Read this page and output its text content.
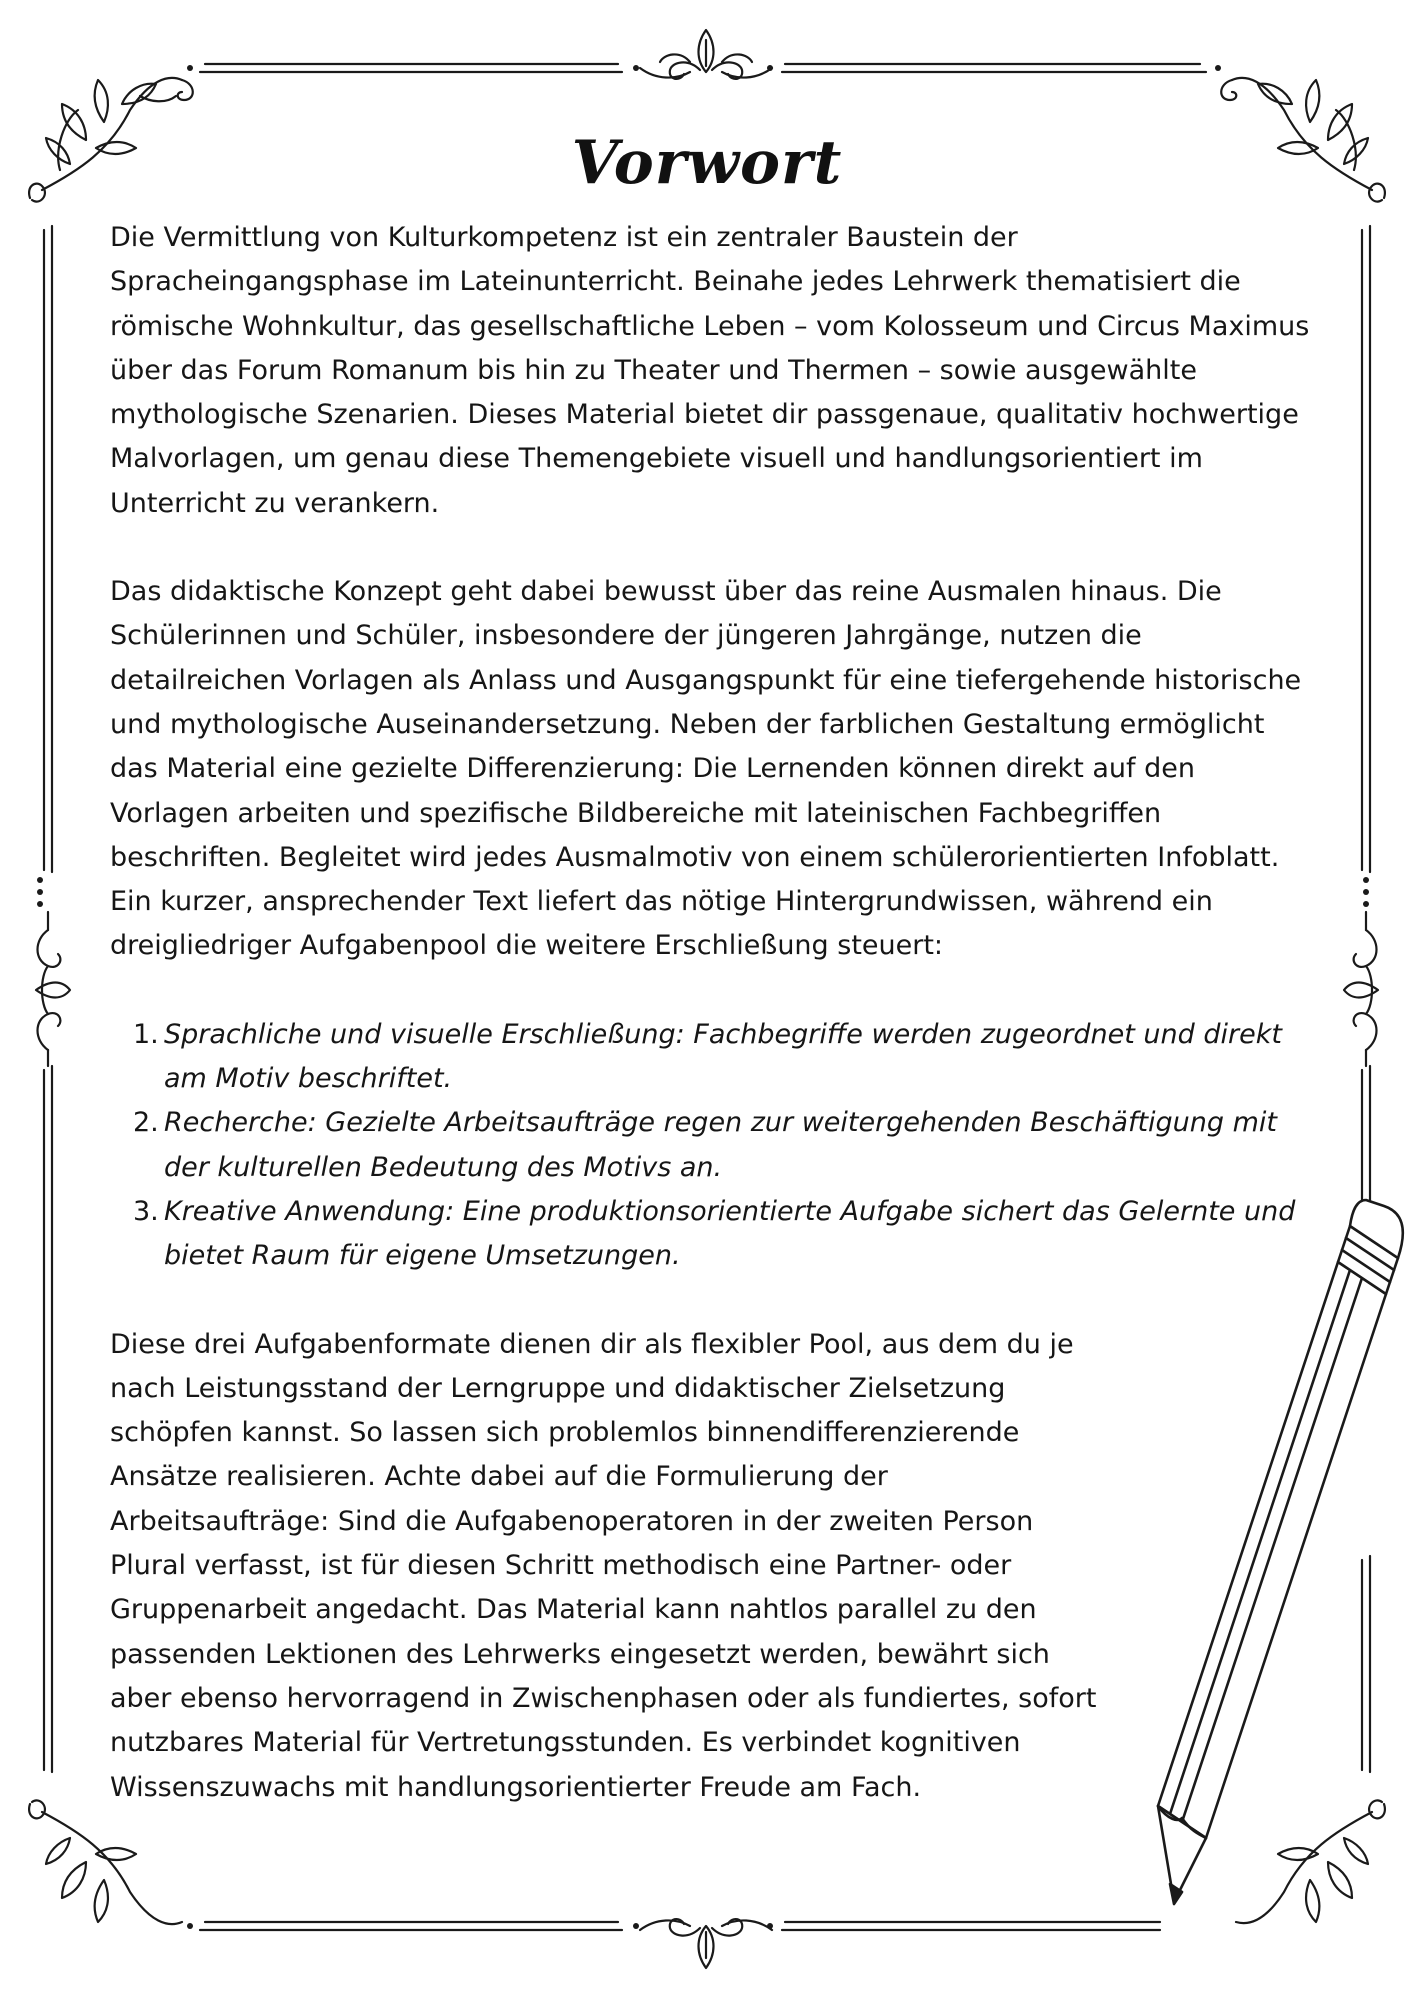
Vorwort

Die Vermittlung von Kulturkompetenz ist ein zentraler Baustein der Spracheingangsphase im Lateinunterricht. Beinahe jedes Lehrwerk thematisiert die römische Wohnkultur, das gesellschaftliche Leben – vom Kolosseum und Circus Maximus über das Forum Romanum bis hin zu Theater und Thermen – sowie ausgewählte mythologische Szenarien. Dieses Material bietet dir passgenaue, qualitativ hochwertige Malvorlagen, um genau diese Themengebiete visuell und handlungsorientiert im Unterricht zu verankern.

Das didaktische Konzept geht dabei bewusst über das reine Ausmalen hinaus. Die Schülerinnen und Schüler, insbesondere der jüngeren Jahrgänge, nutzen die detailreichen Vorlagen als Anlass und Ausgangspunkt für eine tiefergehende historische und mythologische Auseinandersetzung. Neben der farblichen Gestaltung ermöglicht das Material eine gezielte Differenzierung: Die Lernenden können direkt auf den Vorlagen arbeiten und spezifische Bildbereiche mit lateinischen Fachbegriffen beschriften. Begleitet wird jedes Ausmalmotiv von einem schülerorientierten Infoblatt. Ein kurzer, ansprechender Text liefert das nötige Hintergrundwissen, während ein dreigliedriger Aufgabenpool die weitere Erschließung steuert:

1. Sprachliche und visuelle Erschließung: Fachbegriffe werden zugeordnet und direkt am Motiv beschriftet.
2. Recherche: Gezielte Arbeitsaufträge regen zur weitergehenden Beschäftigung mit der kulturellen Bedeutung des Motivs an.
3. Kreative Anwendung: Eine produktionsorientierte Aufgabe sichert das Gelernte und bietet Raum für eigene Umsetzungen.

Diese drei Aufgabenformate dienen dir als flexibler Pool, aus dem du je nach Leistungsstand der Lerngruppe und didaktischer Zielsetzung schöpfen kannst. So lassen sich problemlos binnendifferenzierende Ansätze realisieren. Achte dabei auf die Formulierung der Arbeitsaufträge: Sind die Aufgabenoperatoren in der zweiten Person Plural verfasst, ist für diesen Schritt methodisch eine Partner- oder Gruppenarbeit angedacht. Das Material kann nahtlos parallel zu den passenden Lektionen des Lehrwerks eingesetzt werden, bewährt sich aber ebenso hervorragend in Zwischenphasen oder als fundiertes, sofort nutzbares Material für Vertretungsstunden. Es verbindet kognitiven Wissenszuwachs mit handlungsorientierter Freude am Fach.
